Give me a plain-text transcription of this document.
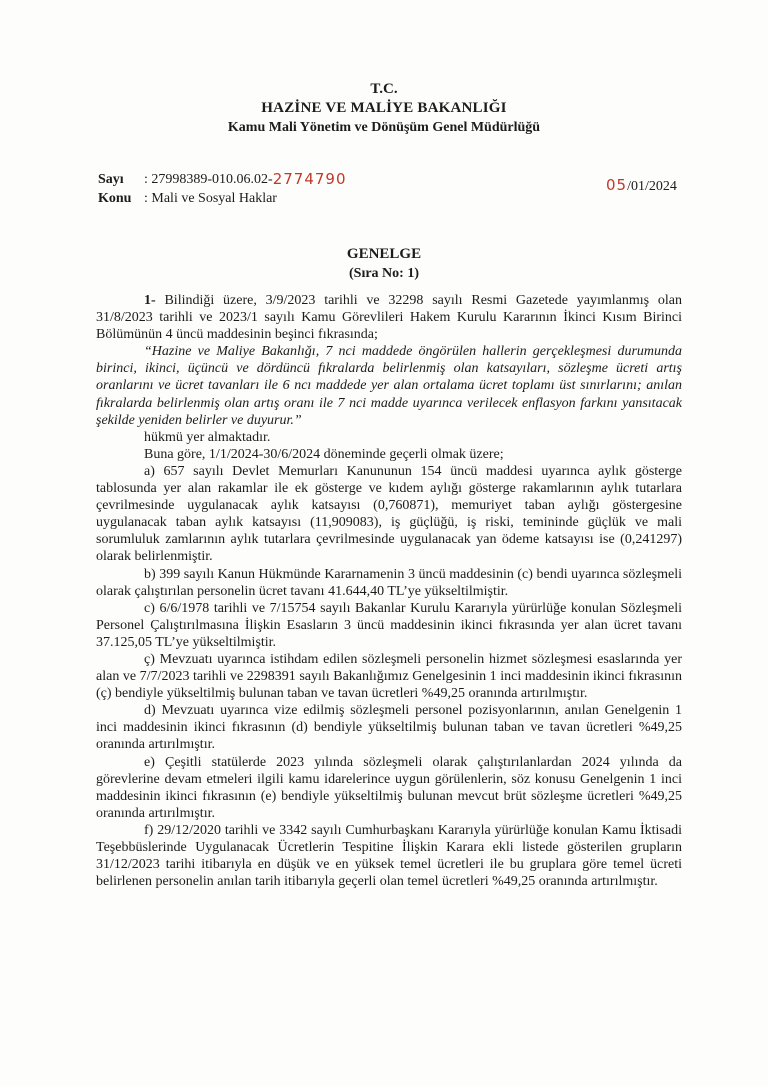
T.C.
HAZİNE VE MALİYE BAKANLIĞI
Kamu Mali Yönetim ve Dönüşüm Genel Müdürlüğü
Sayı	: 27998389-010.06.02- 2774790
Konu : Mali ve Sosyal Haklar
05/01/2024
GENELGE
(Sıra No: 1)

1- Bilindiği üzere, 3/9/2023 tarihli ve 32298 sayılı Resmi Gazetede yayımlanmış olan 31/8/2023 tarihli ve 2023/1 sayılı Kamu Görevlileri Hakem Kurulu Kararının İkinci Kısım Birinci Bölümünün 4 üncü maddesinin beşinci fıkrasında;

“Hazine ve Maliye Bakanlığı, 7 nci maddede öngörülen hallerin gerçekleşmesi durumunda birinci, ikinci, üçüncü ve dördüncü fıkralarda belirlenmiş olan katsayıları, sözleşme ücreti artış oranlarını ve ücret tavanları ile 6 ncı maddede yer alan ortalama ücret toplamı üst sınırlarını; anılan fıkralarda belirlenmiş olan artış oranı ile 7 nci madde uyarınca verilecek enflasyon farkını yansıtacak şekilde yeniden belirler ve duyurur.”

hükmü yer almaktadır.

Buna göre, 1/1/2024-30/6/2024 döneminde geçerli olmak üzere;

a) 657 sayılı Devlet Memurları Kanununun 154 üncü maddesi uyarınca aylık gösterge tablosunda yer alan rakamlar ile ek gösterge ve kıdem aylığı gösterge rakamlarının aylık tutarlara çevrilmesinde uygulanacak aylık katsayısı (0,760871), memuriyet taban aylığı göstergesine uygulanacak taban aylık katsayısı (11,909083), iş güçlüğü, iş riski, temininde güçlük ve mali sorumluluk zamlarının aylık tutarlara çevrilmesinde uygulanacak yan ödeme katsayısı ise (0,241297) olarak belirlenmiştir.

b) 399 sayılı Kanun Hükmünde Kararnamenin 3 üncü maddesinin (c) bendi uyarınca sözleşmeli olarak çalıştırılan personelin ücret tavanı 41.644,40 TL’ye yükseltilmiştir.

c) 6/6/1978 tarihli ve 7/15754 sayılı Bakanlar Kurulu Kararıyla yürürlüğe konulan Sözleşmeli Personel Çalıştırılmasına İlişkin Esasların 3 üncü maddesinin ikinci fıkrasında yer alan ücret tavanı 37.125,05 TL’ye yükseltilmiştir.

ç) Mevzuatı uyarınca istihdam edilen sözleşmeli personelin hizmet sözleşmesi esaslarında yer alan ve 7/7/2023 tarihli ve 2298391 sayılı Bakanlığımız Genelgesinin 1 inci maddesinin ikinci fıkrasının (ç) bendiyle yükseltilmiş bulunan taban ve tavan ücretleri %49,25 oranında artırılmıştır.

d) Mevzuatı uyarınca vize edilmiş sözleşmeli personel pozisyonlarının, anılan Genelgenin 1 inci maddesinin ikinci fıkrasının (d) bendiyle yükseltilmiş bulunan taban ve tavan ücretleri %49,25 oranında artırılmıştır.

e) Çeşitli statülerde 2023 yılında sözleşmeli olarak çalıştırılanlardan 2024 yılında da görevlerine devam etmeleri ilgili kamu idarelerince uygun görülenlerin, söz konusu Genelgenin 1 inci maddesinin ikinci fıkrasının (e) bendiyle yükseltilmiş bulunan mevcut brüt sözleşme ücretleri %49,25 oranında artırılmıştır.

f) 29/12/2020 tarihli ve 3342 sayılı Cumhurbaşkanı Kararıyla yürürlüğe konulan Kamu İktisadi Teşebbüslerinde Uygulanacak Ücretlerin Tespitine İlişkin Karara ekli listede gösterilen grupların 31/12/2023 tarihi itibarıyla en düşük ve en yüksek temel ücretleri ile bu gruplara göre temel ücreti belirlenen personelin anılan tarih itibarıyla geçerli olan temel ücretleri %49,25 oranında artırılmıştır.
